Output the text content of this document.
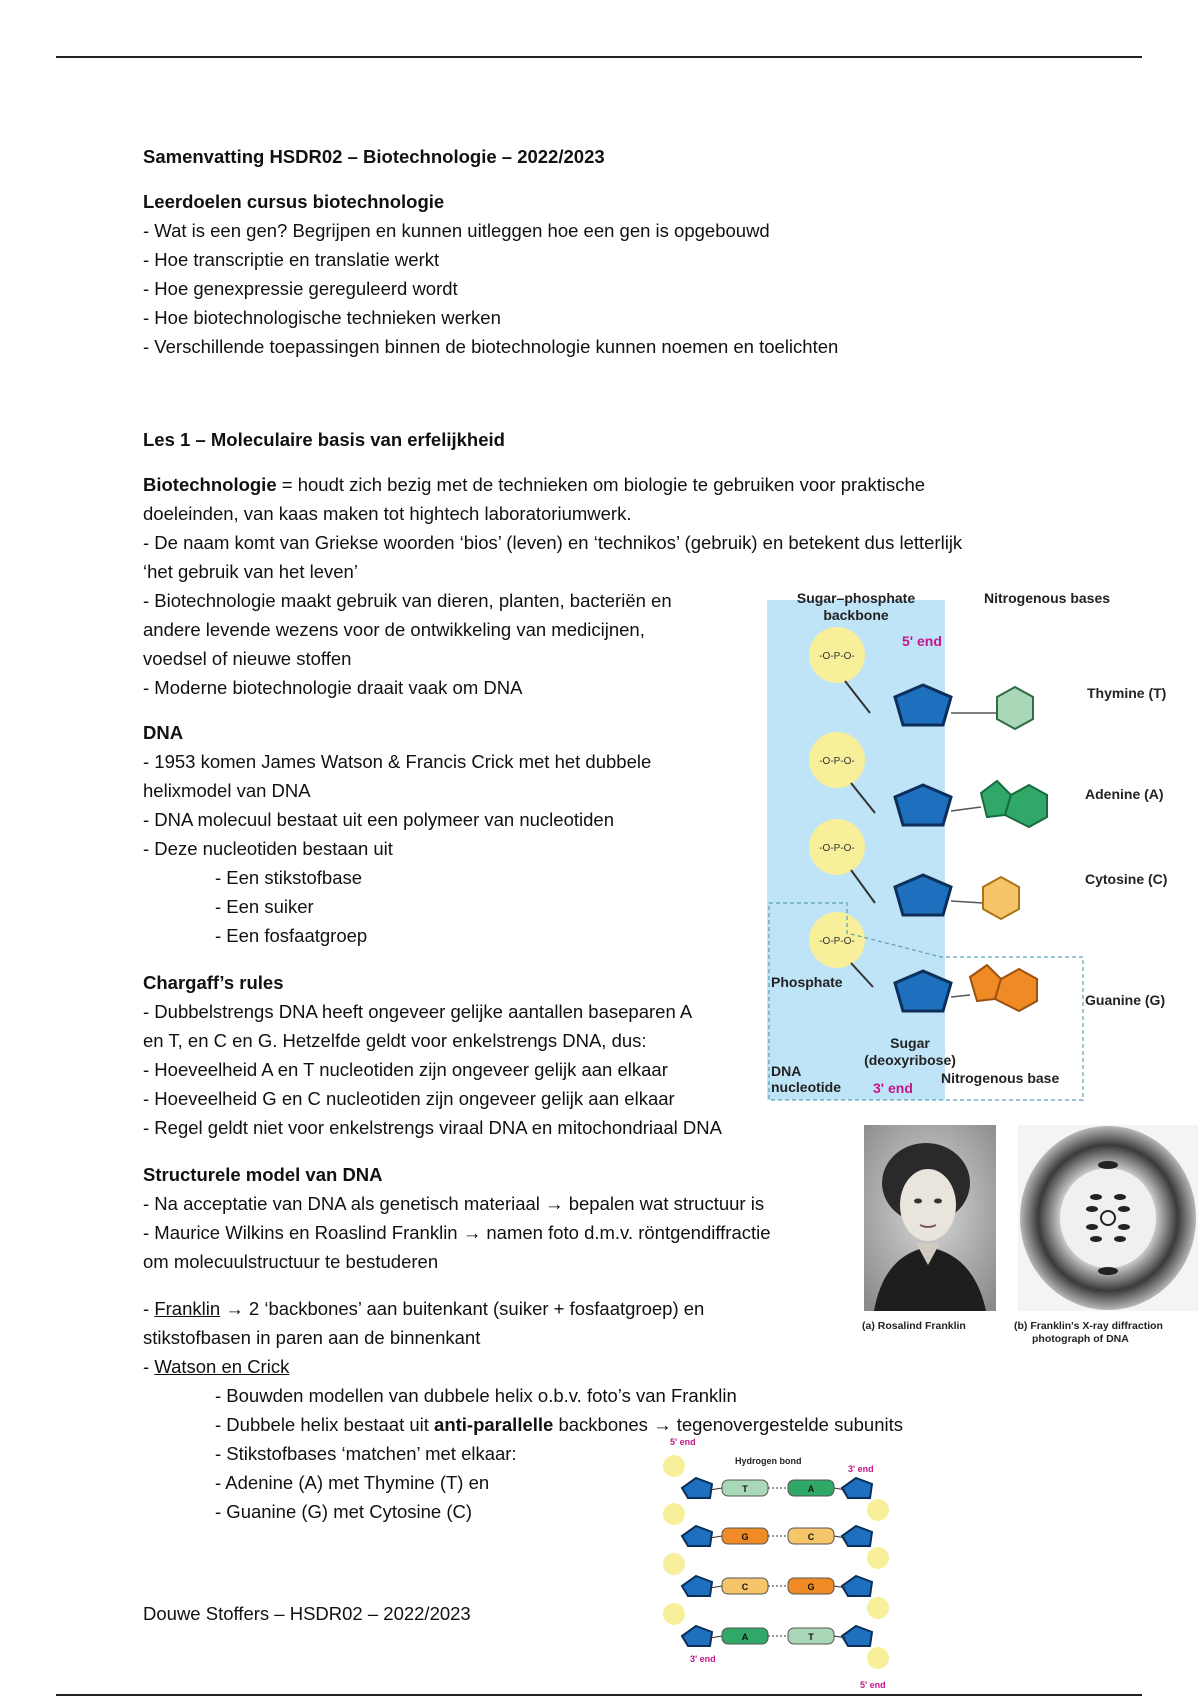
Samenvatting HSDR02 – Biotechnologie – 2022/2023
Leerdoelen cursus biotechnologie
- Wat is een gen? Begrijpen en kunnen uitleggen hoe een gen is opgebouwd
- Hoe transcriptie en translatie werkt
- Hoe genexpressie gereguleerd wordt
- Hoe biotechnologische technieken werken
- Verschillende toepassingen binnen de biotechnologie kunnen noemen en toelichten
Les 1 – Moleculaire basis van erfelijkheid
Biotechnologie = houdt zich bezig met de technieken om biologie te gebruiken voor praktische
doeleinden, van kaas maken tot hightech laboratoriumwerk.
- De naam komt van Griekse woorden ‘bios’ (leven) en ‘technikos’ (gebruik) en betekent dus letterlijk
‘het gebruik van het leven’
- Biotechnologie maakt gebruik van dieren, planten, bacteriën en
andere levende wezens voor de ontwikkeling van medicijnen,
voedsel of nieuwe stoffen
- Moderne biotechnologie draait vaak om DNA
DNA
- 1953 komen James Watson & Francis Crick met het dubbele
helixmodel van DNA
- DNA molecuul bestaat uit een polymeer van nucleotiden
- Deze nucleotiden bestaan uit
- Een stikstofbase
- Een suiker
- Een fosfaatgroep
Chargaff’s rules
- Dubbelstrengs DNA heeft ongeveer gelijke aantallen baseparen A
en T, en C en G. Hetzelfde geldt voor enkelstrengs DNA, dus:
- Hoeveelheid A en T nucleotiden zijn ongeveer gelijk aan elkaar
- Hoeveelheid G en C nucleotiden zijn ongeveer gelijk aan elkaar
- Regel geldt niet voor enkelstrengs viraal DNA en mitochondriaal DNA
Structurele model van DNA
- Na acceptatie van DNA als genetisch materiaal → bepalen wat structuur is
- Maurice Wilkins en Roaslind Franklin → namen foto d.m.v. röntgendiffractie
om molecuulstructuur te bestuderen
- Franklin → 2 ‘backbones’ aan buitenkant (suiker + fosfaatgroep) en
stikstofbasen in paren aan de binnenkant
- Watson en Crick
- Bouwden modellen van dubbele helix o.b.v. foto’s van Franklin
- Dubbele helix bestaat uit anti-parallelle backbones → tegenovergestelde subunits
- Stikstofbases ‘matchen’ met elkaar:
- Adenine (A) met Thymine (T) en
- Guanine (G) met Cytosine (C)
Douwe Stoffers – HSDR02 – 2022/2023
Sugar–phosphate backbone
Nitrogenous bases
5' end
-O-P-O-
-O-P-O-
-O-P-O-
-O-P-O-
Thymine (T)
Adenine (A)
Cytosine (C)
Guanine (G)
Phosphate
Sugar
(deoxyribose)
DNA
nucleotide
Nitrogenous base
3' end
(a) Rosalind Franklin	(b) Franklin's X-ray diffraction
photograph of DNA
5' end
Hydrogen bond
3' end
3' end
5' end
T	A
G	C
C	G
A	T
